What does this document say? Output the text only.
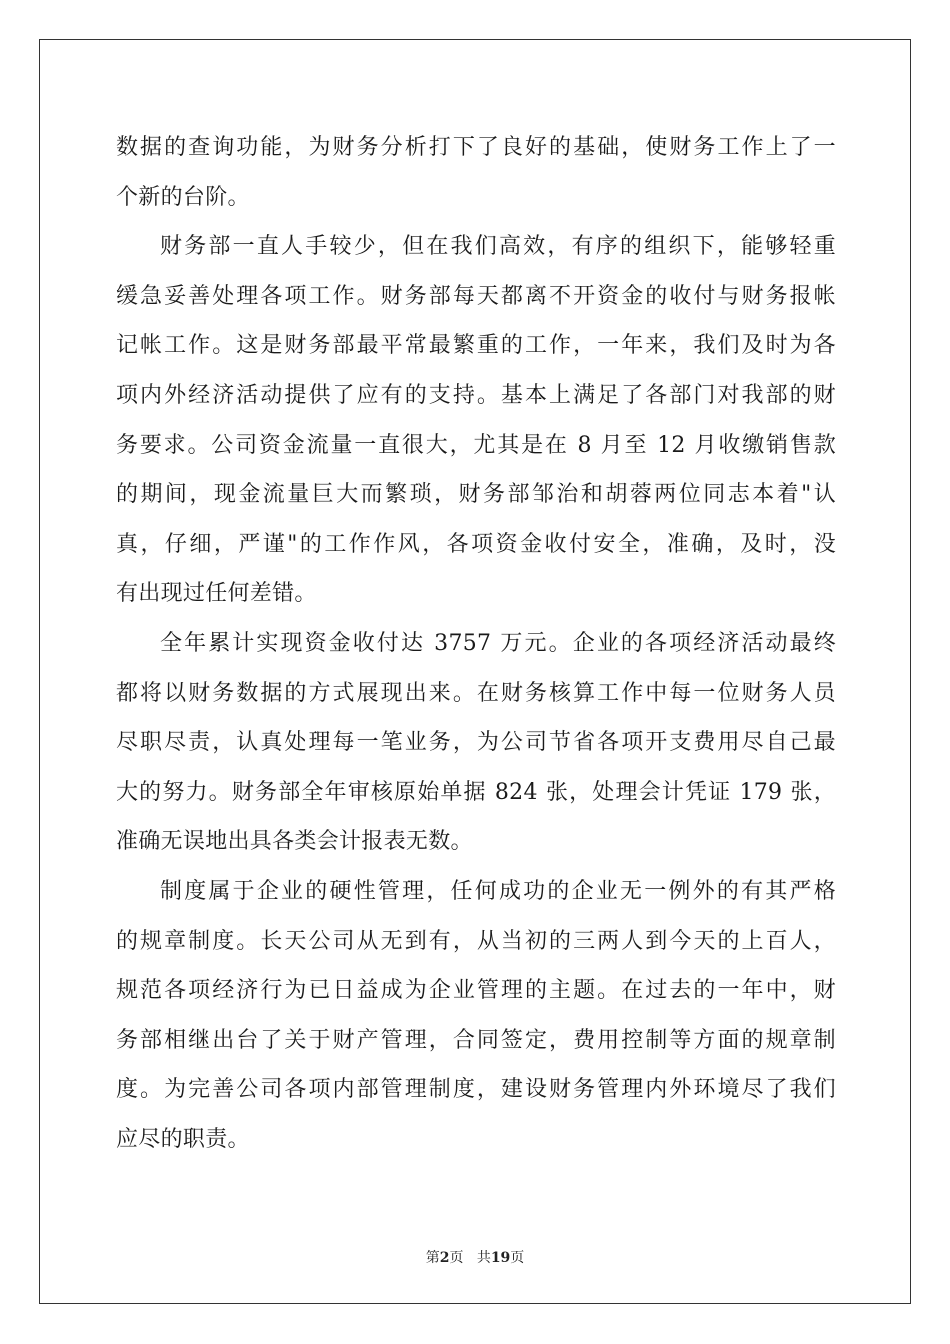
数据的查询功能，为财务分析打下了良好的基础，使财务工作上了一
个新的台阶。
财务部一直人手较少，但在我们高效，有序的组织下，能够轻重
缓急妥善处理各项工作。财务部每天都离不开资金的收付与财务报帐
记帐工作。这是财务部最平常最繁重的工作，一年来，我们及时为各
项内外经济活动提供了应有的支持。基本上满足了各部门对我部的财
务要求。公司资金流量一直很大，尤其是在 8 月至 12 月收缴销售款
的期间，现金流量巨大而繁琐，财务部邹治和胡蓉两位同志本着"认
真，仔细，严谨"的工作作风，各项资金收付安全，准确，及时，没
有出现过任何差错。
全年累计实现资金收付达 3757 万元。企业的各项经济活动最终
都将以财务数据的方式展现出来。在财务核算工作中每一位财务人员
尽职尽责，认真处理每一笔业务，为公司节省各项开支费用尽自己最
大的努力。财务部全年审核原始单据 824 张，处理会计凭证 179 张，
准确无误地出具各类会计报表无数。
制度属于企业的硬性管理，任何成功的企业无一例外的有其严格
的规章制度。长天公司从无到有，从当初的三两人到今天的上百人，
规范各项经济行为已日益成为企业管理的主题。在过去的一年中，财
务部相继出台了关于财产管理，合同签定，费用控制等方面的规章制
度。为完善公司各项内部管理制度，建设财务管理内外环境尽了我们
应尽的职责。
第2页 共19页
